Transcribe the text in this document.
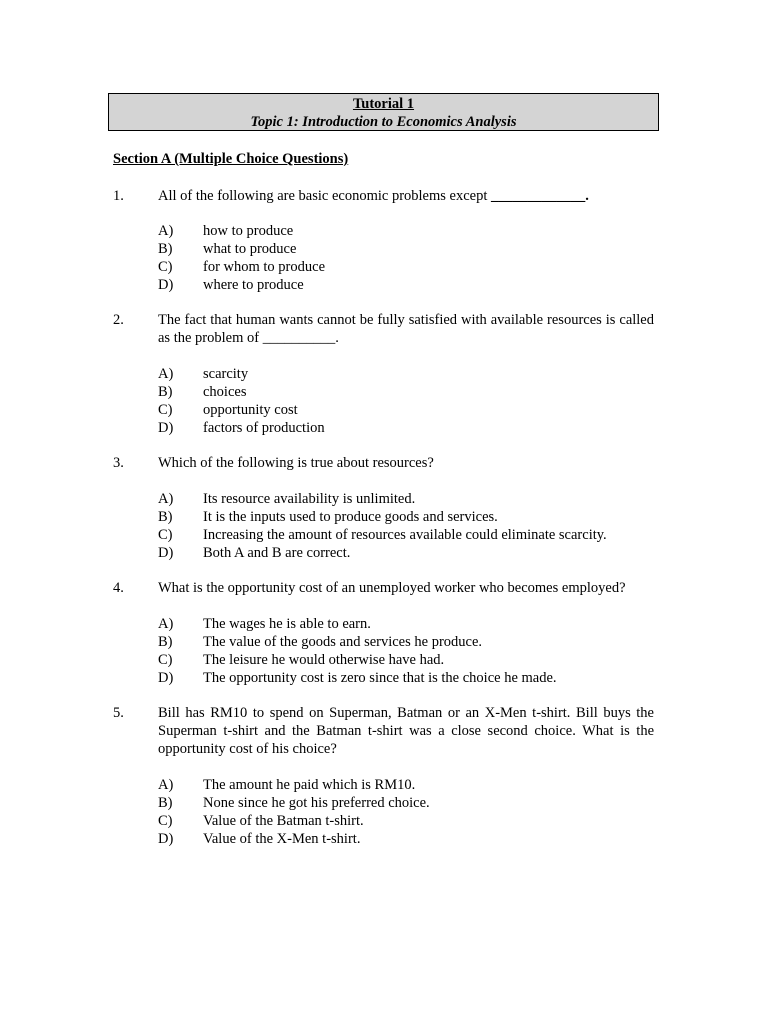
Tutorial 1
Topic 1: Introduction to Economics Analysis
Section A (Multiple Choice Questions)
1. All of the following are basic economic problems except _____________.
A)	how to produce
B)	what to produce
C)	for whom to produce
D)	where to produce
2. The fact that human wants cannot be fully satisfied with available resources is called as the problem of __________.
A)	scarcity
B)	choices
C)	opportunity cost
D)	factors of production
3. Which of the following is true about resources?
A)	Its resource availability is unlimited.
B)	It is the inputs used to produce goods and services.
C)	Increasing the amount of resources available could eliminate scarcity.
D)	Both A and B are correct.
4. What is the opportunity cost of an unemployed worker who becomes employed?
A)	The wages he is able to earn.
B)	The value of the goods and services he produce.
C)	The leisure he would otherwise have had.
D)	The opportunity cost is zero since that is the choice he made.
5. Bill has RM10 to spend on Superman, Batman or an X-Men t-shirt. Bill buys the Superman t-shirt and the Batman t-shirt was a close second choice. What is the opportunity cost of his choice?
A)	The amount he paid which is RM10.
B)	None since he got his preferred choice.
C)	Value of the Batman t-shirt.
D)	Value of the X-Men t-shirt.
